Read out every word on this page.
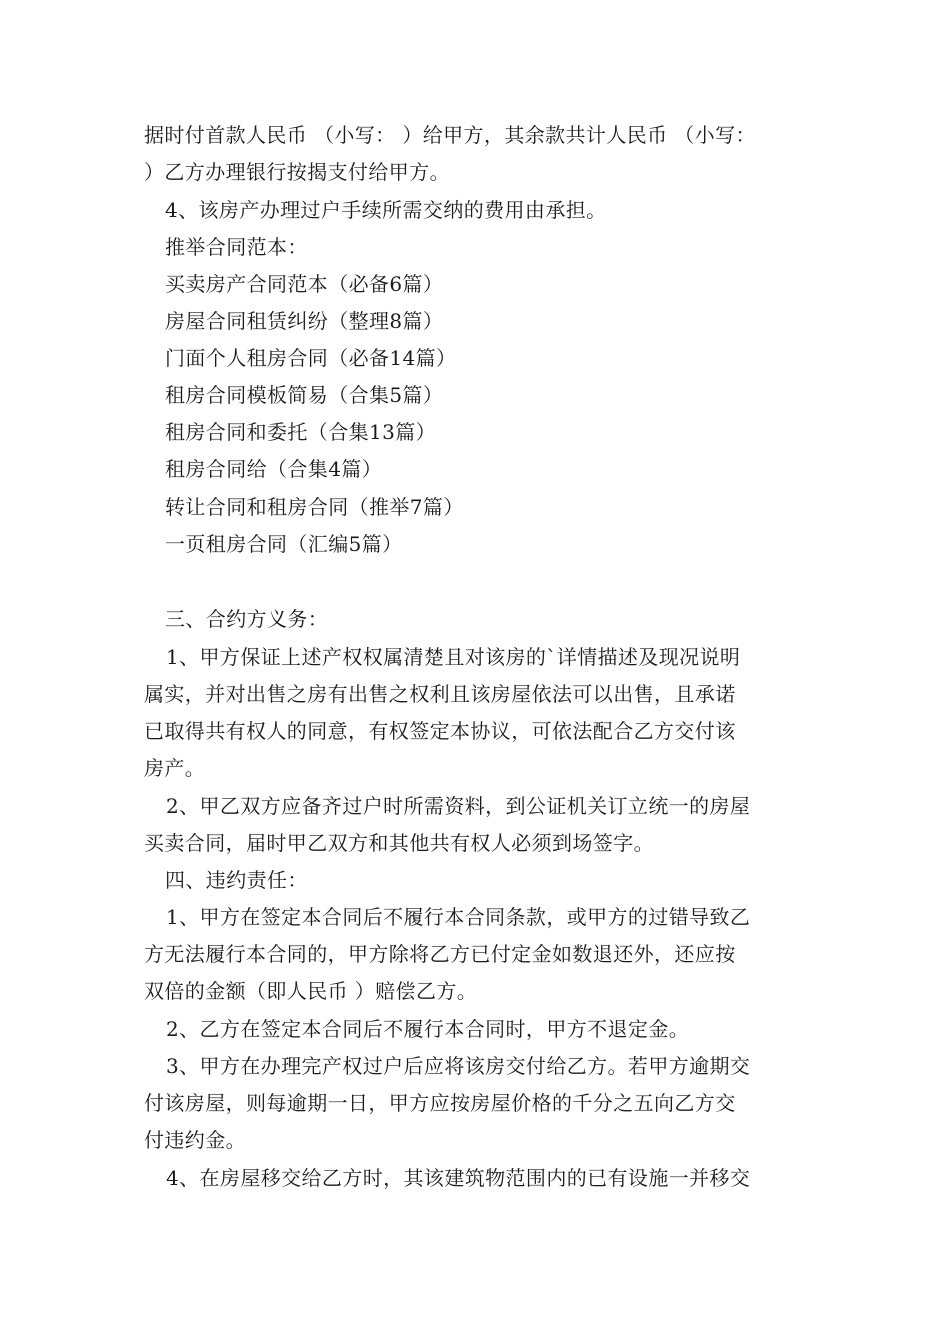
据时付首款人民币 （小写： ）给甲方，其余款共计人民币 （小写：

）乙方办理银行按揭支付给甲方。

4、该房产办理过户手续所需交纳的费用由承担。

推举合同范本：

买卖房产合同范本（必备6篇）

房屋合同租赁纠纷（整理8篇）

门面个人租房合同（必备14篇）

租房合同模板简易（合集5篇）

租房合同和委托（合集13篇）

租房合同给（合集4篇）

转让合同和租房合同（推举7篇）

一页租房合同（汇编5篇）

三、合约方义务：

1、甲方保证上述产权权属清楚且对该房的`详情描述及现况说明

属实，并对出售之房有出售之权利且该房屋依法可以出售，且承诺

已取得共有权人的同意，有权签定本协议，可依法配合乙方交付该

房产。

2、甲乙双方应备齐过户时所需资料，到公证机关订立统一的房屋

买卖合同，届时甲乙双方和其他共有权人必须到场签字。

四、违约责任：

1、甲方在签定本合同后不履行本合同条款，或甲方的过错导致乙

方无法履行本合同的，甲方除将乙方已付定金如数退还外，还应按

双倍的金额（即人民币 ）赔偿乙方。

2、乙方在签定本合同后不履行本合同时，甲方不退定金。

3、甲方在办理完产权过户后应将该房交付给乙方。若甲方逾期交

付该房屋，则每逾期一日，甲方应按房屋价格的千分之五向乙方交

付违约金。

4、在房屋移交给乙方时，其该建筑物范围内的已有设施一并移交
